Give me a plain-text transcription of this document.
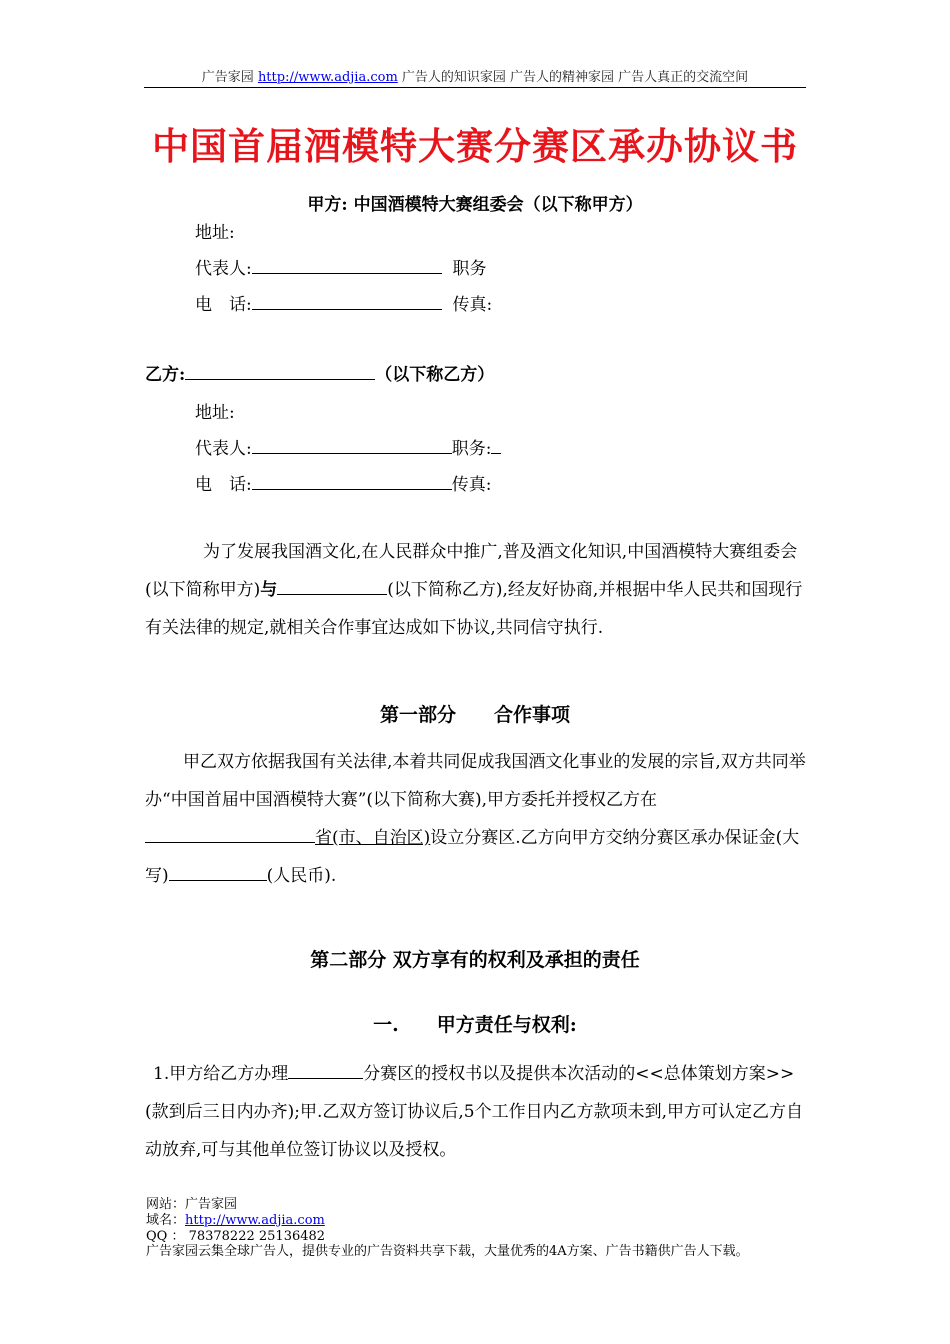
广告家园 http://www.adjia.com 广告人的知识家园 广告人的精神家园 广告人真正的交流空间
中国首届酒模特大赛分赛区承办协议书
甲方: 中国酒模特大赛组委会（以下称甲方）
地址:
代表人:	职务
电　话:	传真:
乙方:	（以下称乙方）
地址:
代表人:	职务:
电　话:	传真:
为了发展我国酒文化,在人民群众中推广,普及酒文化知识,中国酒模特大赛组委会(以下简称甲方)与	(以下简称乙方),经友好协商,并根据中华人民共和国现行有关法律的规定,就相关合作事宜达成如下协议,共同信守执行.
第一部分　　合作事项
甲乙双方依据我国有关法律,本着共同促成我国酒文化事业的发展的宗旨,双方共同举办“中国首届中国酒模特大赛”(以下简称大赛),甲方委托并授权乙方在省(市、自治区)设立分赛区.乙方向甲方交纳分赛区承办保证金(大写)	(人民币).
第二部分 双方享有的权利及承担的责任
一.　　甲方责任与权利:
1.甲方给乙方办理	分赛区的授权书以及提供本次活动的<<总体策划方案>>(款到后三日内办齐);甲.乙双方签订协议后,5个工作日内乙方款项未到,甲方可认定乙方自动放弃,可与其他单位签订协议以及授权。
网站：广告家园
域名：http://www.adjia.com
QQ ： 78378222 25136482
广告家园云集全球广告人，提供专业的广告资料共享下载，大量优秀的4A方案、广告书籍供广告人下载。
